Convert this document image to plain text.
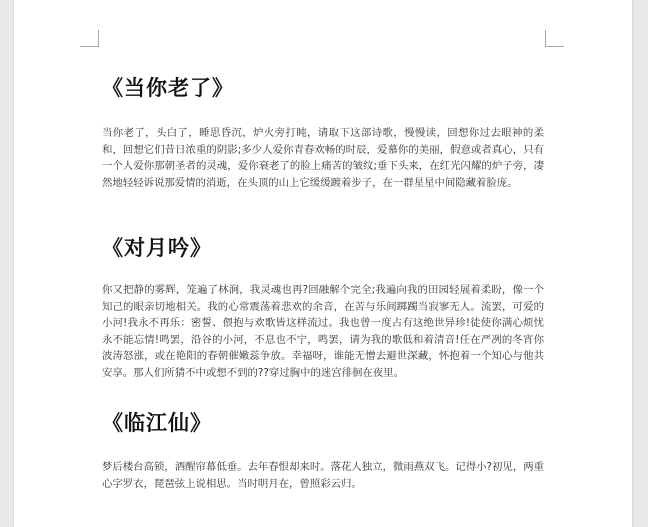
《当你老了》

当你老了，头白了，睡思昏沉，炉火旁打盹，请取下这部诗歌，慢慢读，回想你过去眼神的柔和，回想它们昔日浓重的阴影;多少人爱你青春欢畅的时辰，爱慕你的美丽，假意或者真心，只有一个人爱你那朝圣者的灵魂，爱你衰老了的脸上痛苦的皱纹;垂下头来，在红光闪耀的炉子旁，凄然地轻轻诉说那爱情的消逝，在头顶的山上它缓缓踱着步子，在一群星星中间隐藏着脸庞。

《对月吟》

你又把静的雾辉，笼遍了林涧，我灵魂也再?回融解个完全;我遍向我的田园轻展着柔盼，像一个知己的眼亲切地相关。我的心常震荡着悲欢的余音，在苦与乐间踯躅当寂寥无人。流罢，可爱的小河!我永不再乐：密誓、偎抱与欢歌皆这样流过。我也曾一度占有这绝世异珍!徒使你满心烦忧永不能忘情!鸣罢，沿谷的小河，不息也不宁，鸣罢，请为我的歌低和着清音!任在严冽的冬宵你波涛怒涨，或在艳阳的春朝催嫩蕊争放。幸福呀，谁能无憎去避世深藏，怀抱着一个知心与他共安享。那人们所猜不中或想不到的??穿过胸中的迷宫徘徊在夜里。

《临江仙》

梦后楼台高锁，酒醒帘幕低垂。去年春恨却来时。落花人独立，微雨燕双飞。记得小?初见，两重心字罗衣，琵琶弦上说相思。当时明月在，曾照彩云归。
